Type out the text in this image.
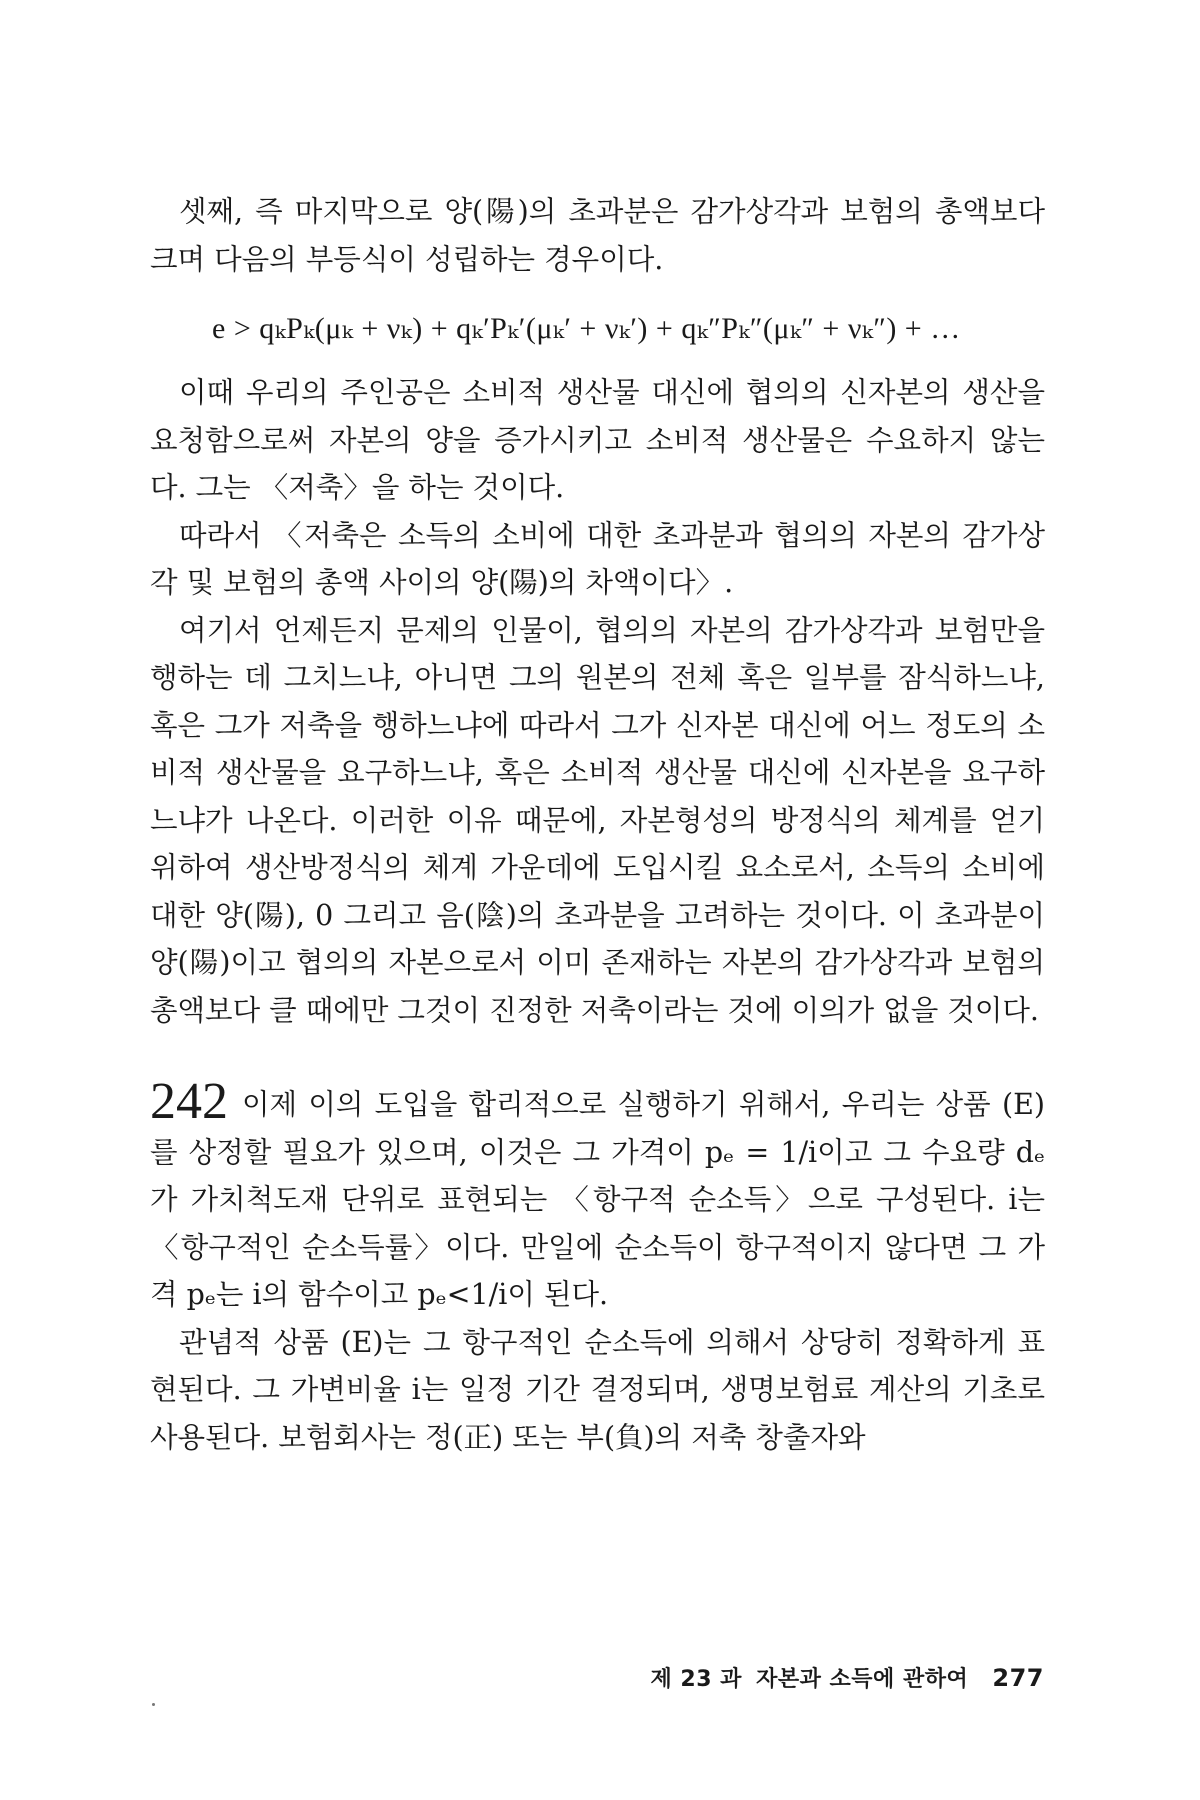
셋째, 즉 마지막으로 양(陽)의 초과분은 감가상각과 보험의 총액보다 크며 다음의 부등식이 성립하는 경우이다.

e > qₖPₖ(μₖ + νₖ) + qₖ′Pₖ′(μₖ′ + νₖ′) + qₖ″Pₖ″(μₖ″ + νₖ″) + …

이때 우리의 주인공은 소비적 생산물 대신에 협의의 신자본의 생산을 요청함으로써 자본의 양을 증가시키고 소비적 생산물은 수요하지 않는다. 그는 〈저축〉을 하는 것이다.

따라서 〈저축은 소득의 소비에 대한 초과분과 협의의 자본의 감가상각 및 보험의 총액 사이의 양(陽)의 차액이다〉.

여기서 언제든지 문제의 인물이, 협의의 자본의 감가상각과 보험만을 행하는 데 그치느냐, 아니면 그의 원본의 전체 혹은 일부를 잠식하느냐, 혹은 그가 저축을 행하느냐에 따라서 그가 신자본 대신에 어느 정도의 소비적 생산물을 요구하느냐, 혹은 소비적 생산물 대신에 신자본을 요구하느냐가 나온다. 이러한 이유 때문에, 자본형성의 방정식의 체계를 얻기 위하여 생산방정식의 체계 가운데에 도입시킬 요소로서, 소득의 소비에 대한 양(陽), 0 그리고 음(陰)의 초과분을 고려하는 것이다. 이 초과분이 양(陽)이고 협의의 자본으로서 이미 존재하는 자본의 감가상각과 보험의 총액보다 클 때에만 그것이 진정한 저축이라는 것에 이의가 없을 것이다.

242 이제 이의 도입을 합리적으로 실행하기 위해서, 우리는 상품 (E)를 상정할 필요가 있으며, 이것은 그 가격이 pₑ = 1/i이고 그 수요량 dₑ가 가치척도재 단위로 표현되는 〈항구적 순소득〉으로 구성된다. i는 〈항구적인 순소득률〉이다. 만일에 순소득이 항구적이지 않다면 그 가격 pₑ는 i의 함수이고 pₑ<1/i이 된다.

관념적 상품 (E)는 그 항구적인 순소득에 의해서 상당히 정확하게 표현된다. 그 가변비율 i는 일정 기간 결정되며, 생명보험료 계산의 기초로 사용된다. 보험회사는 정(正) 또는 부(負)의 저축 창출자와

제 23 과 자본과 소득에 관하여 277
